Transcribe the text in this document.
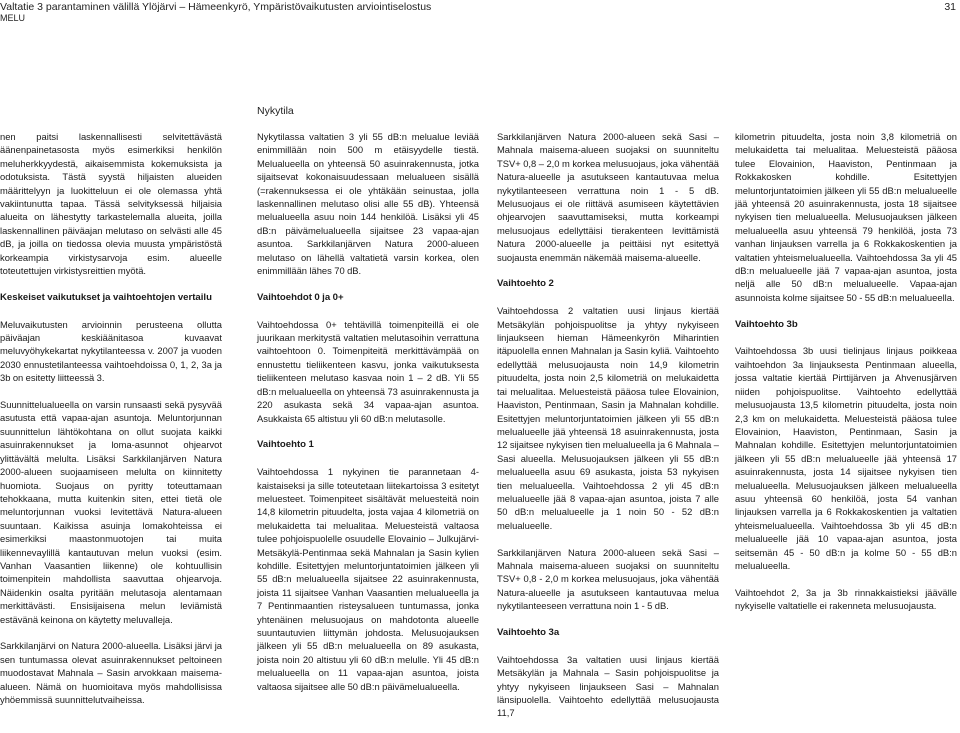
Valtatie 3 parantaminen välillä Ylöjärvi – Hämeenkyrö, Ympäristövaikutusten arviointiselostus
MELU
31
Nykytila

nen paitsi laskennallisesti selvitettävästä äänenpainetasosta myös esimerkiksi henkilön meluherkkyydestä, aikaisemmista kokemuksista ja odotuksista. Tästä syystä hiljaisten alueiden määrittelyyn ja luokitteluun ei ole olemassa yhtä vakiintunutta tapaa. Tässä selvityksessä hiljaisia alueita on lähestytty tarkastelemalla alueita, joilla laskennallinen päiväajan melutaso on selvästi alle 45 dB, ja joilla on tiedossa olevia muusta ympäristöstä korkeampia virkistysarvoja esim. alueelle toteutettujen virkistysreittien myötä.

Keskeiset vaikutukset ja vaihtoehtojen vertailu

Meluvaikutusten arvioinnin perusteena ollutta päiväajan keskiäänitasoa kuvaavat meluvyöhykekartat nykytilanteessa v. 2007 ja vuoden 2030 ennustetilanteessa vaihtoehdoissa 0, 1, 2, 3a ja 3b on esitetty liitteessä 3.

Suunnittelualueella on varsin runsaasti sekä pysyvää asutusta että vapaa-ajan asuntoja. Meluntorjunnan suunnittelun lähtökohtana on ollut suojata kaikki asuinrakennukset ja loma-asunnot ohjearvot ylittävältä melulta. Lisäksi Sarkkilanjärven Natura 2000-alueen suojaamiseen melulta on kiinnitetty huomiota. Suojaus on pyritty toteuttamaan tehokkaana, mutta kuitenkin siten, ettei tietä ole meluntorjunnan vuoksi levitettävä Natura-alueen suuntaan. Kaikissa asuinja lomakohteissa ei esimerkiksi maastonmuotojen tai muita liikennevaylillä kantautuvan melun vuoksi (esim. Vanhan Vaasantien liikenne) ole kohtuullisin toimenpitein mahdollista saavuttaa ohjearvoja. Näidenkin osalta pyritään melutasoja alentamaan merkittävästi. Ensisijaisena melun leviämistä estävänä keinona on käytetty meluvalleja.

Sarkkilanjärvi on Natura 2000-alueella. Lisäksi järvi ja sen tuntumassa olevat asuinrakennukset peltoineen muodostavat Mahnala – Sasin arvokkaan maisema-alueen. Nämä on huomioitava myös mahdollisissa yhöemmissä suunnittelutvaiheissa.

Nykytilassa valtatien 3 yli 55 dB:n melualue leviää enimmillään noin 500 m etäisyydelle tiestä. Melualueella on yhteensä 50 asuinrakennusta, jotka sijaitsevat kokonaisuudessaan melualueen sisällä (=rakennuksessa ei ole yhtäkään seinustaa, jolla laskennallinen melutaso olisi alle 55 dB). Yhteensä melualueella asuu noin 144 henkilöä. Lisäksi yli 45 dB:n päivämelualueella sijaitsee 23 vapaa-ajan asuntoa. Sarkkilanjärven Natura 2000-alueen melutaso on lähellä valtatietä varsin korkea, olen enimmillään lähes 70 dB.

Vaihtoehdot 0 ja 0+

Vaihtoehdossa 0+ tehtävillä toimenpiteillä ei ole juurikaan merkitystä valtatien melutasoihin verrattuna vaihtoehtoon 0. Toimenpiteitä merkittävämpää on ennustettu tieliikenteen kasvu, jonka vaikutuksesta tieliikenteen melutaso kasvaa noin 1 – 2 dB. Yli 55 dB:n melualueella on yhteensä 73 asuinrakennusta ja 220 asukasta sekä 34 vapaa-ajan asuntoa. Asukkaista 65 altistuu yli 60 dB:n melutasolle.

Vaihtoehto 1

Vaihtoehdossa 1 nykyinen tie parannetaan 4-kaistaiseksi ja sille toteutetaan liitekartoissa 3 esitetyt meluesteet. Toimenpiteet sisältävät meluesteitä noin 14,8 kilometrin pituudelta, josta vajaa 4 kilometriä on melukaidetta tai melualitaa. Meluesteistä valtaosa tulee pohjoispuolelle osuudelle Elovainio – Julkujärvi-Metsäkylä-Pentinmaa sekä Mahnalan ja Sasin kylien kohdille. Esitettyjen meluntorjuntatoimien jälkeen yli 55 dB:n melualueella sijaitsee 22 asuinrakennusta, joista 11 sijaitsee Vanhan Vaasantien melualueella ja 7 Pentinmaantien risteysalueen tuntumassa, jonka yhtenäinen melusuojaus on mahdotonta alueelle suuntautuvien liittymän johdosta. Melusuojauksen jälkeen yli 55 dB:n melualueella on 89 asukasta, joista noin 20 altistuu yli 60 dB:n melulle. Yli 45 dB:n melualueella on 11 vapaa-ajan asuntoa, joista valtaosa sijaitsee alle 50 dB:n päivämelualueella.

Sarkkilanjärven Natura 2000-alueen sekä Sasi – Mahnala maisema-alueen suojaksi on suunniteltu TSV+ 0,8 – 2,0 m korkea melusuojaus, joka vähentää Natura-alueelle ja asutukseen kantautuvaa melua nykytilanteeseen verrattuna noin 1 - 5 dB. Melusuojaus ei ole riittävä asumiseen käytettävien ohjearvojen saavuttamiseksi, mutta korkeampi melusuojaus edellyttäisi tierakenteen levittämistä Natura 2000-alueelle ja peittäisi nyt esitettyä suojausta enemmän näkemää maisema-alueelle.

Vaihtoehto 2

Vaihtoehdossa 2 valtatien uusi linjaus kiertää Metsäkylän pohjoispuolitse ja yhtyy nykyiseen linjaukseen hieman Hämeenkyrön Miharintien itäpuolella ennen Mahnalan ja Sasin kyliä. Vaihtoehto edellyttää melusuojausta noin 14,9 kilometrin pituudelta, josta noin 2,5 kilometriä on melukaidetta tai melualitaa. Meluesteistä pääosa tulee Elovainion, Haaviston, Pentinmaan, Sasin ja Mahnalan kohdille. Esitettyjen meluntorjuntatoimien jälkeen yli 55 dB:n melualueelle jää yhteensä 18 asuinrakennusta, josta 12 sijaitsee nykyisen tien melualueella ja 6 Mahnala – Sasi alueella. Melusuojauksen jälkeen yli 55 dB:n melualueella asuu 69 asukasta, joista 53 nykyisen tien melualueella. Vaihtoehdossa 2 yli 45 dB:n melualueelle jää 8 vapaa-ajan asuntoa, joista 7 alle 50 dB:n melualueelle ja 1 noin 50 - 52 dB:n melualueelle.

Sarkkilanjärven Natura 2000-alueen sekä Sasi – Mahnala maisema-alueen suojaksi on suunniteltu TSV+ 0,8 - 2,0 m korkea melusuojaus, joka vähentää Natura-alueelle ja asutukseen kantautuvaa melua nykytilanteeseen verrattuna noin 1 - 5 dB.

Vaihtoehto 3a

Vaihtoehdossa 3a valtatien uusi linjaus kiertää Metsäkylän ja Mahnala – Sasin pohjoispuolitse ja yhtyy nykyiseen linjaukseen Sasi – Mahnalan länsipuolella. Vaihtoehto edellyttää melusuojausta 11,7

kilometrin pituudelta, josta noin 3,8 kilometriä on melukaidetta tai melualitaa. Meluesteistä pääosa tulee Elovainion, Haaviston, Pentinmaan ja Rokkakosken kohdille. Esitettyjen meluntorjuntatoimien jälkeen yli 55 dB:n melualueelle jää yhteensä 20 asuinrakennusta, josta 18 sijaitsee nykyisen tien melualueella. Melusuojauksen jälkeen melualueella asuu yhteensä 79 henkilöä, josta 73 vanhan linjauksen varrella ja 6 Rokkakoskentien ja valtatien yhteismelualueella. Vaihtoehdossa 3a yli 45 dB:n melualueelle jää 7 vapaa-ajan asuntoa, josta neljä alle 50 dB:n melualueelle. Vapaa-ajan asunnoista kolme sijaitsee 50 - 55 dB:n melualueella.

Vaihtoehto 3b

Vaihtoehdossa 3b uusi tielinjaus linjaus poikkeaa vaihtoehdon 3a linjauksesta Pentinmaan alueella, jossa valtatie kiertää Pirttijärven ja Ahvenusjärven niiden pohjoispuolitse. Vaihtoehto edellyttää melusuojausta 13,5 kilometrin pituudelta, josta noin 2,3 km on melukaidetta. Meluesteistä pääosa tulee Elovainion, Haaviston, Pentinmaan, Sasin ja Mahnalan kohdille. Esitettyjen meluntorjuntatoimien jälkeen yli 55 dB:n melualueelle jää yhteensä 17 asuinrakennusta, josta 14 sijaitsee nykyisen tien melualueella. Melusuojauksen jälkeen melualueella asuu yhteensä 60 henkilöä, josta 54 vanhan linjauksen varrella ja 6 Rokkakoskentien ja valtatien yhteismelualueella. Vaihtoehdossa 3b yli 45 dB:n melualueelle jää 10 vapaa-ajan asuntoa, josta seitsemän 45 - 50 dB:n ja kolme 50 - 55 dB:n melualueella.

Vaihtoehdot 2, 3a ja 3b rinnakkaistieksi jäävälle nykyiselle valtatielle ei rakenneta melusuojausta.
